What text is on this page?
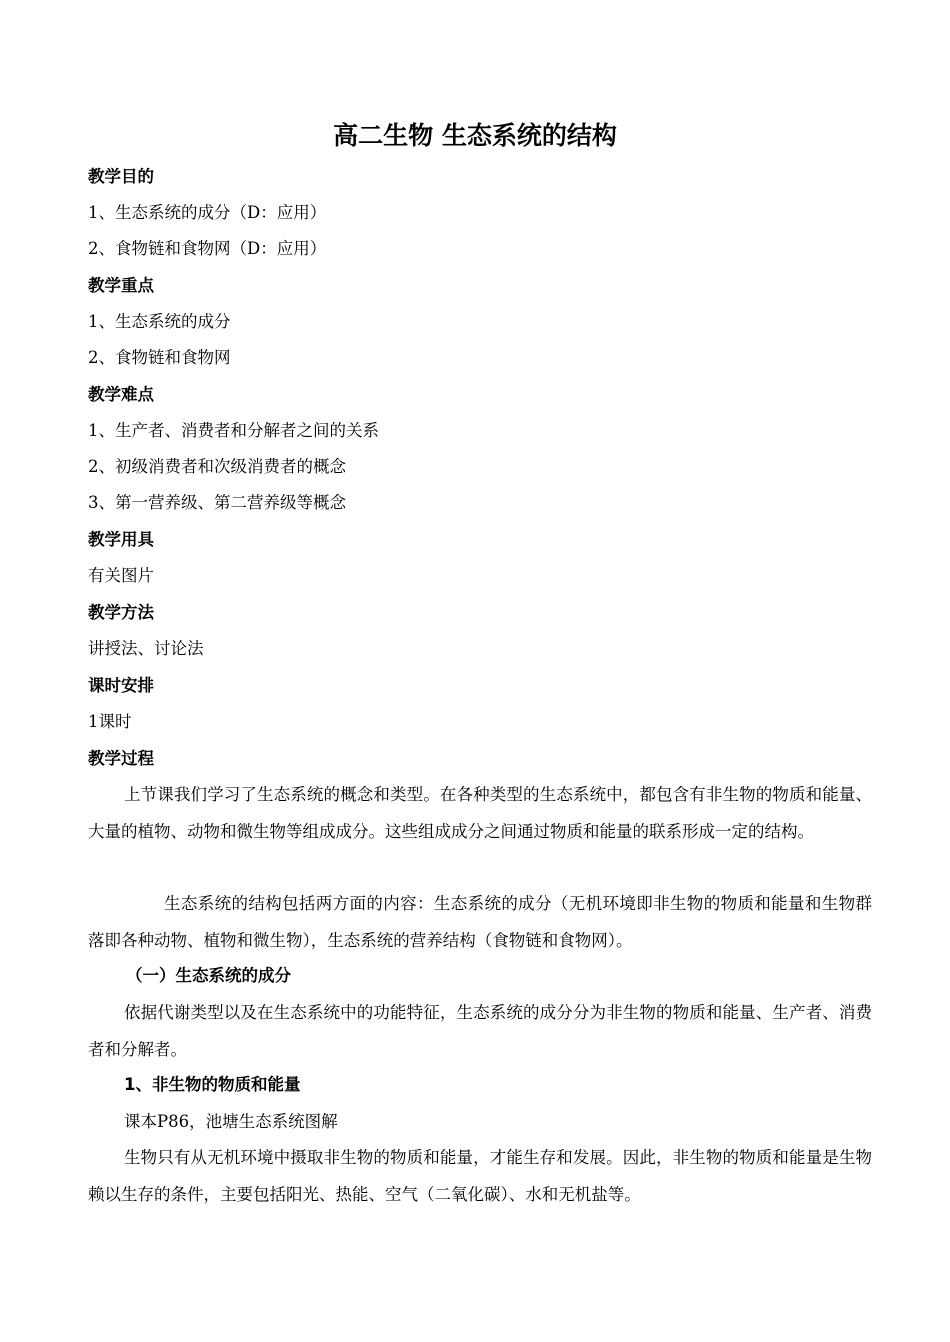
高二生物 生态系统的结构
教学目的
1、生态系统的成分（D：应用）
2、食物链和食物网（D：应用）
教学重点
1、生态系统的成分
2、食物链和食物网
教学难点
1、生产者、消费者和分解者之间的关系
2、初级消费者和次级消费者的概念
3、第一营养级、第二营养级等概念
教学用具
有关图片
教学方法
讲授法、讨论法
课时安排
1课时
教学过程

上节课我们学习了生态系统的概念和类型。在各种类型的生态系统中，都包含有非生物的物质和能量、大量的植物、动物和微生物等组成成分。这些组成成分之间通过物质和能量的联系形成一定的结构。

生态系统的结构包括两方面的内容：生态系统的成分（无机环境即非生物的物质和能量和生物群落即各种动物、植物和微生物），生态系统的营养结构（食物链和食物网）。

（一）生态系统的成分

依据代谢类型以及在生态系统中的功能特征，生态系统的成分分为非生物的物质和能量、生产者、消费者和分解者。

1、非生物的物质和能量
课本P86，池塘生态系统图解

生物只有从无机环境中摄取非生物的物质和能量，才能生存和发展。因此，非生物的物质和能量是生物赖以生存的条件，主要包括阳光、热能、空气（二氧化碳）、水和无机盐等。
